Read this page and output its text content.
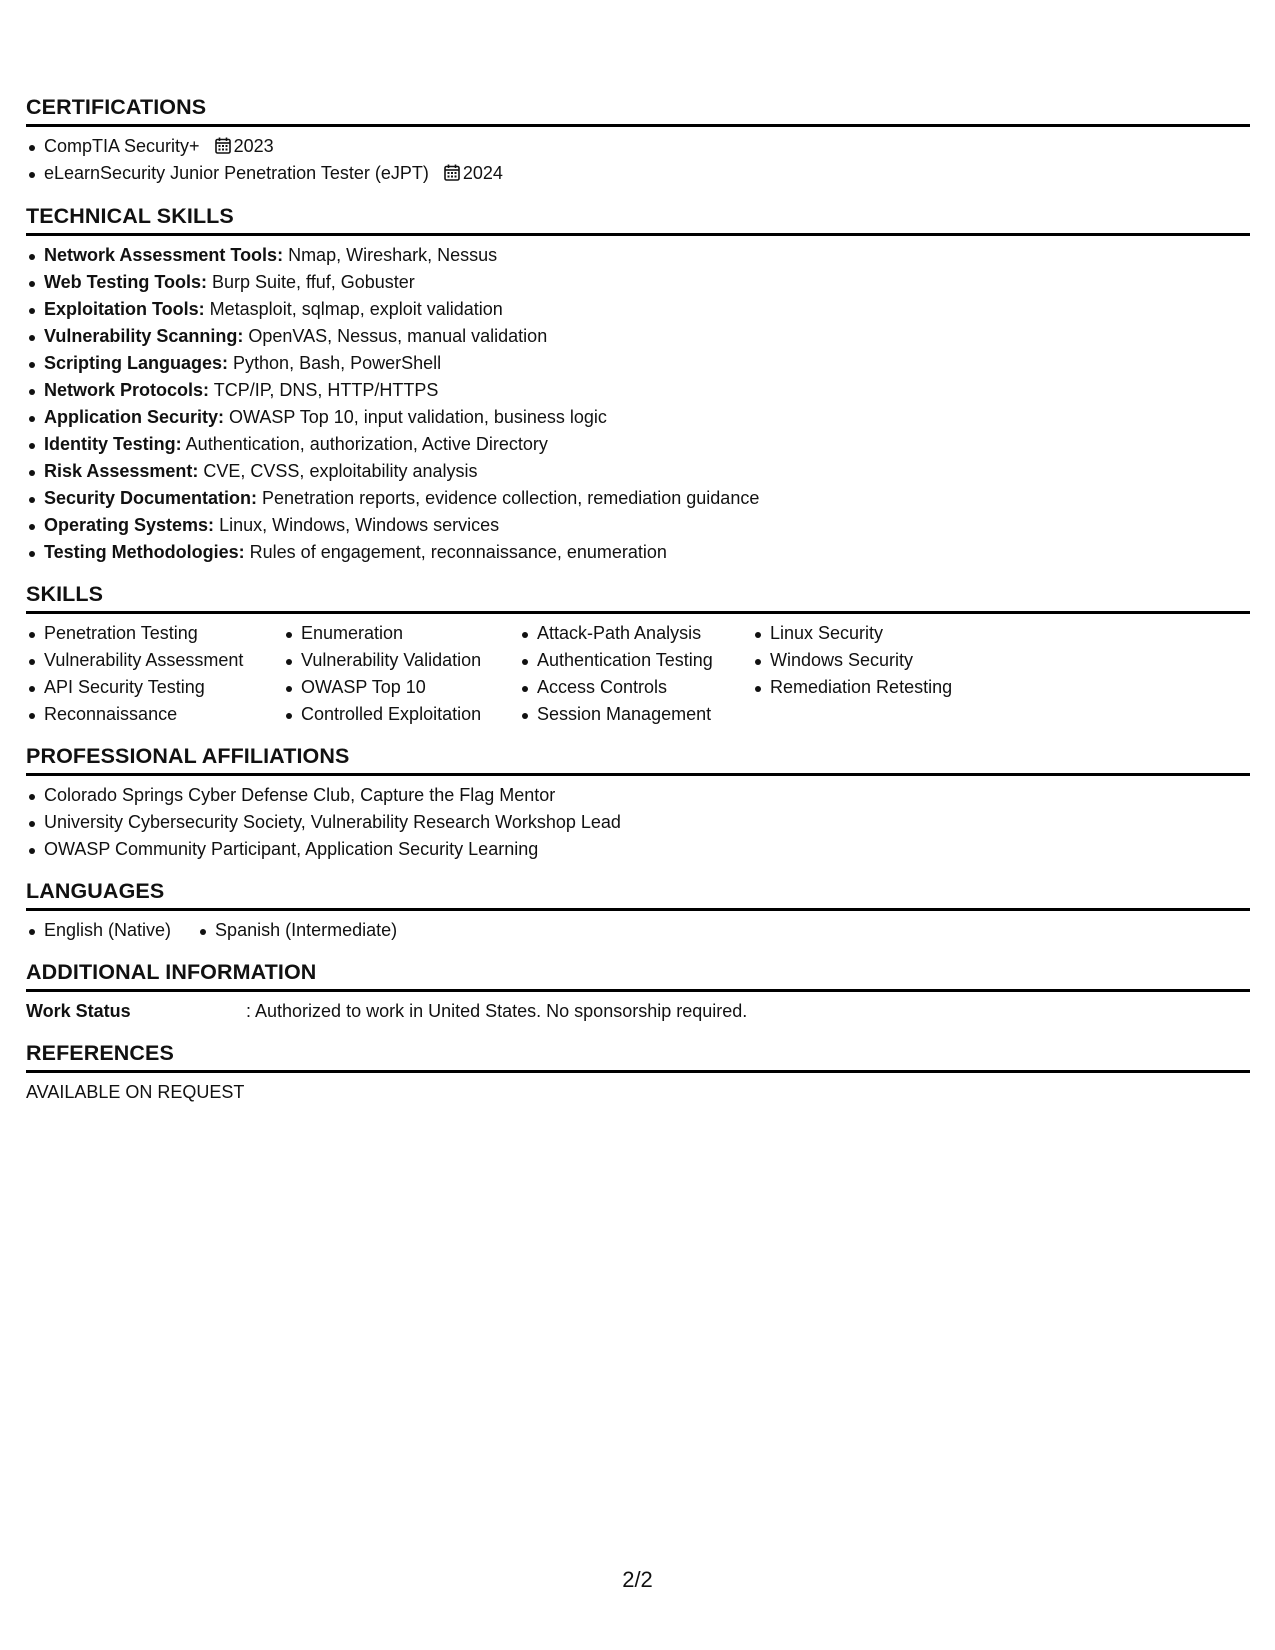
CERTIFICATIONS
CompTIA Security+ 2023
eLearnSecurity Junior Penetration Tester (eJPT) 2024
TECHNICAL SKILLS
Network Assessment Tools: Nmap, Wireshark, Nessus
Web Testing Tools: Burp Suite, ffuf, Gobuster
Exploitation Tools: Metasploit, sqlmap, exploit validation
Vulnerability Scanning: OpenVAS, Nessus, manual validation
Scripting Languages: Python, Bash, PowerShell
Network Protocols: TCP/IP, DNS, HTTP/HTTPS
Application Security: OWASP Top 10, input validation, business logic
Identity Testing: Authentication, authorization, Active Directory
Risk Assessment: CVE, CVSS, exploitability analysis
Security Documentation: Penetration reports, evidence collection, remediation guidance
Operating Systems: Linux, Windows, Windows services
Testing Methodologies: Rules of engagement, reconnaissance, enumeration
SKILLS
Penetration Testing
Vulnerability Assessment
API Security Testing
Reconnaissance
Enumeration
Vulnerability Validation
OWASP Top 10
Controlled Exploitation
Attack-Path Analysis
Authentication Testing
Access Controls
Session Management
Linux Security
Windows Security
Remediation Retesting
PROFESSIONAL AFFILIATIONS
Colorado Springs Cyber Defense Club, Capture the Flag Mentor
University Cybersecurity Society, Vulnerability Research Workshop Lead
OWASP Community Participant, Application Security Learning
LANGUAGES
English (Native)	Spanish (Intermediate)
ADDITIONAL INFORMATION
Work Status	: Authorized to work in United States. No sponsorship required.
REFERENCES
AVAILABLE ON REQUEST
2/2
